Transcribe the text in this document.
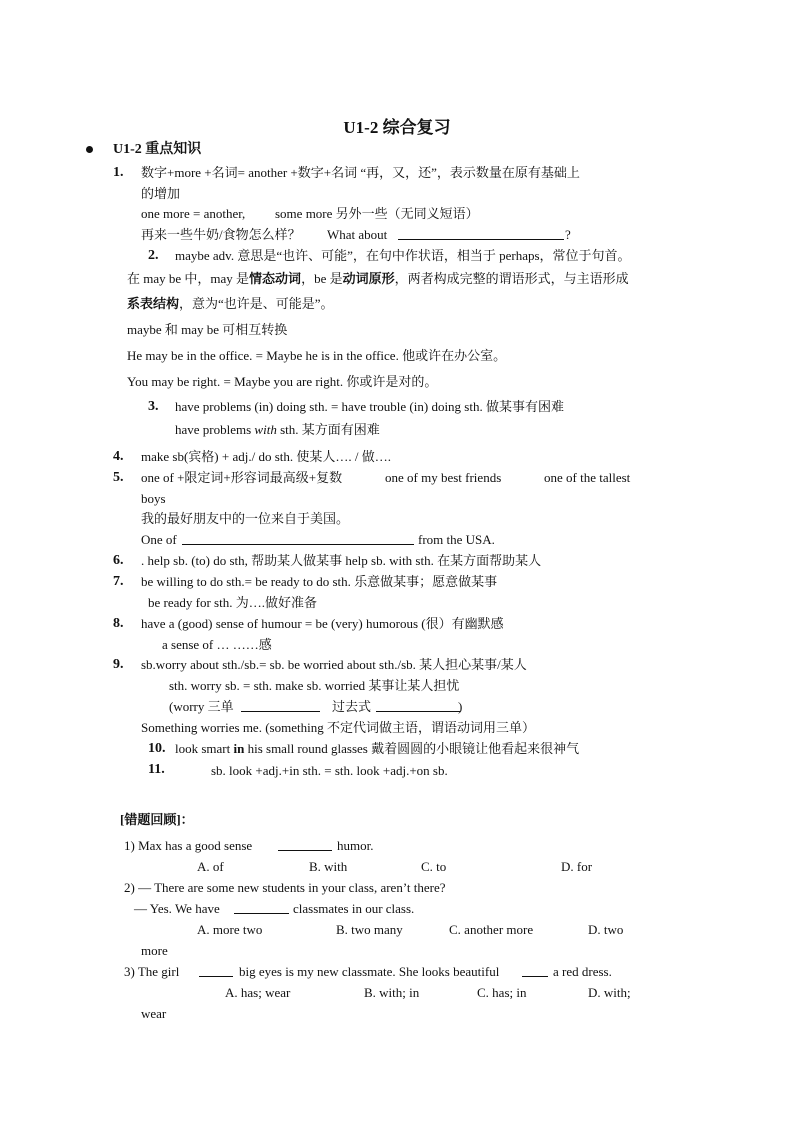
U1-2 综合复习
U1-2 重点知识
1. 数字+more +名词= another +数字+名词 “再，又，还”，表示数量在原有基础上
的增加
one more = another, some more 另外一些（无同义短语）
再来一些牛奶/食物怎么样？ What about	?
2. maybe adv. 意思是“也许、可能”，在句中作状语，相当于 perhaps，常位于句首。
在 may be 中，may 是情态动词，be 是动词原形，两者构成完整的谓语形式，与主语形成
系表结构，意为“也许是、可能是”。
maybe 和 may be 可相互转换
He may be in the office. = Maybe he is in the office. 他或许在办公室。
You may be right. = Maybe you are right. 你或许是对的。
3. have problems (in) doing sth. = have trouble (in) doing sth. 做某事有困难
have problems with sth. 某方面有困难
4. make sb(宾格) + adj./ do sth. 使某人…. / 做….
5. one of +限定词+形容词最高级+复数	one of my best friends	one of the tallest
boys
我的最好朋友中的一位来自于美国。
One of	from the USA.
6. . help sb. (to) do sth, 帮助某人做某事 help sb. with sth. 在某方面帮助某人
7. be willing to do sth.= be ready to do sth. 乐意做某事；愿意做某事
be ready for sth. 为….做好准备
8. have a (good) sense of humour = be (very) humorous (很）有幽默感
a sense of … ……感
9. sb.worry about sth./sb.= sb. be worried about sth./sb. 某人担心某事/某人
sth. worry sb. = sth. make sb. worried 某事让某人担忧
(worry 三单	过去式	)
Something worries me. (something 不定代词做主语，谓语动词用三单）
10. look smart in his small round glasses 戴着圆圆的小眼镜让他看起来很神气
11.	sb. look +adj.+in sth. = sth. look +adj.+on sb.
[错题回顾]：
1) Max has a good sense	humor.
A. of	B. with	C. to	D. for
2) — There are some new students in your class, aren’t there?
— Yes. We have	classmates in our class.
A. more two	B. two many	C. another more	D. two
more
3) The girl	big eyes is my new classmate. She looks beautiful	a red dress.
A. has; wear	B. with; in	C. has; in	D. with;
wear
